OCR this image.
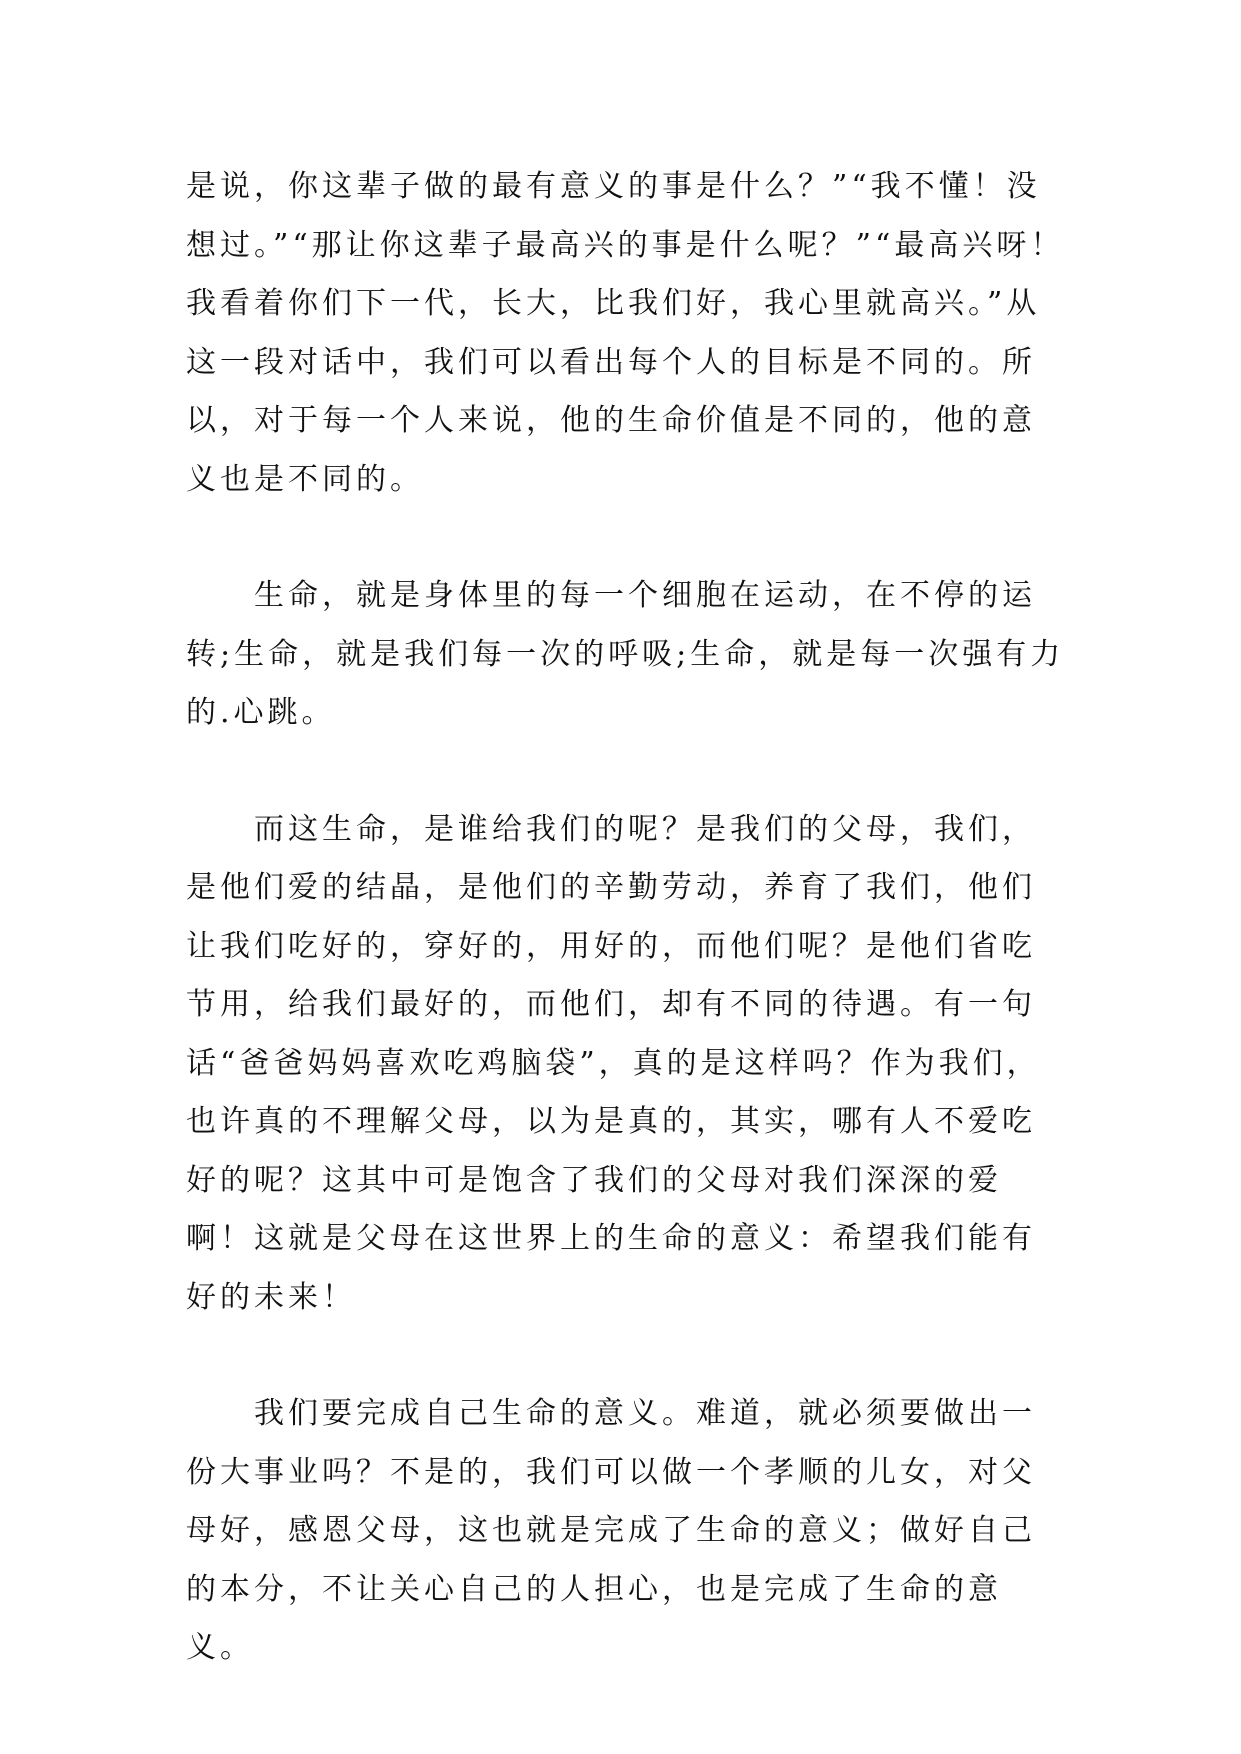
是说，你这辈子做的最有意义的事是什么？”“我不懂！没想过。”“那让你这辈子最高兴的事是什么呢？”“最高兴呀！我看着你们下一代，长大，比我们好，我心里就高兴。”从这一段对话中，我们可以看出每个人的目标是不同的。所以，对于每一个人来说，他的生命价值是不同的，他的意义也是不同的。

生命，就是身体里的每一个细胞在运动，在不停的运转;生命，就是我们每一次的呼吸;生命，就是每一次强有力的.心跳。

而这生命，是谁给我们的呢？是我们的父母，我们，是他们爱的结晶，是他们的辛勤劳动，养育了我们，他们让我们吃好的，穿好的，用好的，而他们呢？是他们省吃节用，给我们最好的，而他们，却有不同的待遇。有一句话“爸爸妈妈喜欢吃鸡脑袋”，真的是这样吗？作为我们，也许真的不理解父母，以为是真的，其实，哪有人不爱吃好的呢？这其中可是饱含了我们的父母对我们深深的爱啊！这就是父母在这世界上的生命的意义：希望我们能有好的未来！

我们要完成自己生命的意义。难道，就必须要做出一份大事业吗？不是的，我们可以做一个孝顺的儿女，对父母好，感恩父母，这也就是完成了生命的意义；做好自己的本分，不让关心自己的人担心，也是完成了生命的意义。
